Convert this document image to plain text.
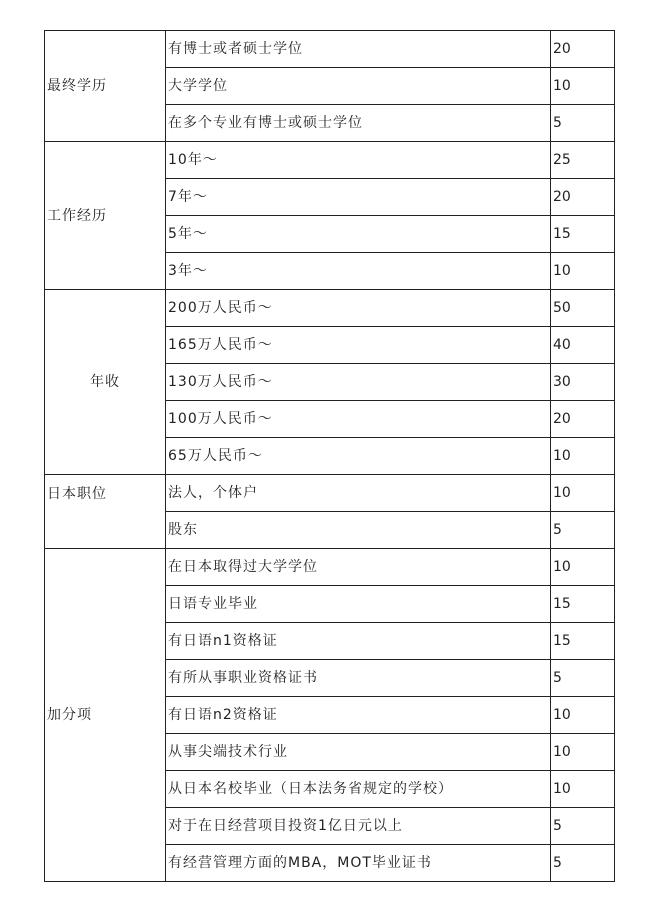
最终学历	有博士或者硕士学位	20
	大学学位	10
	在多个专业有博士或硕士学位	5
工作经历	10年～	25
	7年～	20
	5年～	15
	3年～	10
年收	200万人民币～	50
	165万人民币～	40
	130万人民币～	30
	100万人民币～	20
	65万人民币～	10

日本职位	法人，个体户	10
	股东	5
加分项	在日本取得过大学学位	10
	日语专业毕业	15
	有日语n1资格证	15
	有所从事职业资格证书	5
	有日语n2资格证	10
	从事尖端技术行业	10
	从日本名校毕业（日本法务省规定的学校）	10
	对于在日经营项目投资1亿日元以上	5
	有经营管理方面的MBA，MOT毕业证书	5
